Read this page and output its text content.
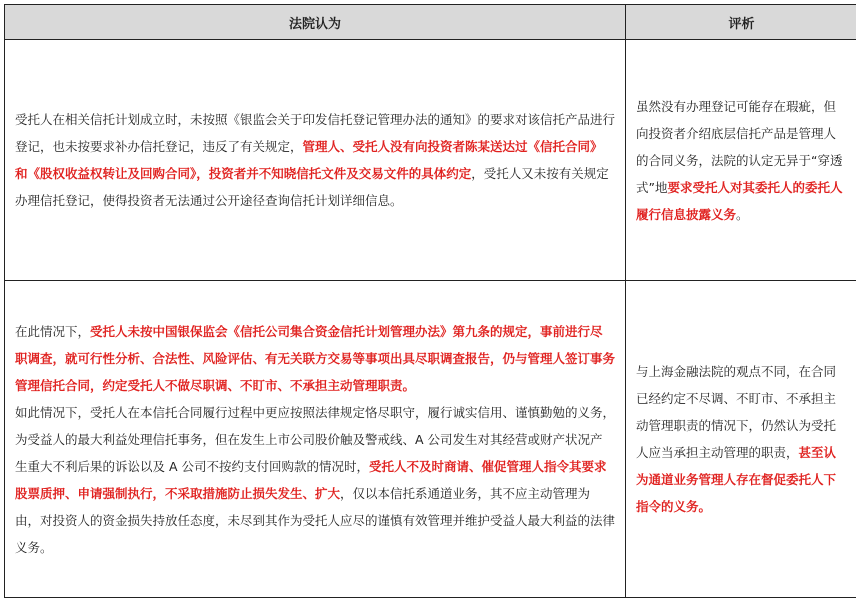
法院认为	评析

受托人在相关信托计划成立时，未按照《银监会关于印发信托登记管理办法的通知》的要求对该信托产品进行登记，也未按要求补办信托登记，违反了有关规定，管理人、受托人没有向投资者陈某送达过《信托合同》和《股权收益权转让及回购合同》，投资者并不知晓信托文件及交易文件的具体约定，受托人又未按有关规定办理信托登记，使得投资者无法通过公开途径查询信托计划详细信息。	虽然没有办理登记可能存在瑕疵，但向投资者介绍底层信托产品是管理人的合同义务，法院的认定无异于“穿透式”地要求受托人对其委托人的委托人履行信息披露义务。

在此情况下，受托人未按中国银保监会《信托公司集合资金信托计划管理办法》第九条的规定，事前进行尽职调查，就可行性分析、合法性、风险评估、有无关联方交易等事项出具尽职调查报告，仍与管理人签订事务管理信托合同，约定受托人不做尽职调、不盯市、不承担主动管理职责。

如此情况下，受托人在本信托合同履行过程中更应按照法律规定恪尽职守，履行诚实信用、谨慎勤勉的义务，为受益人的最大利益处理信托事务，但在发生上市公司股价触及警戒线、A 公司发生对其经营或财产状况产生重大不利后果的诉讼以及 A 公司不按约支付回购款的情况时，受托人不及时商请、催促管理人指令其要求股票质押、申请强制执行，不采取措施防止损失发生、扩大，仅以本信托系通道业务，其不应主动管理为由，对投资人的资金损失持放任态度，未尽到其作为受托人应尽的谨慎有效管理并维护受益人最大利益的法律义务。	与上海金融法院的观点不同，在合同已经约定不尽调、不盯市、不承担主动管理职责的情况下，仍然认为受托人应当承担主动管理的职责，甚至认为通道业务管理人存在督促委托人下指令的义务。
